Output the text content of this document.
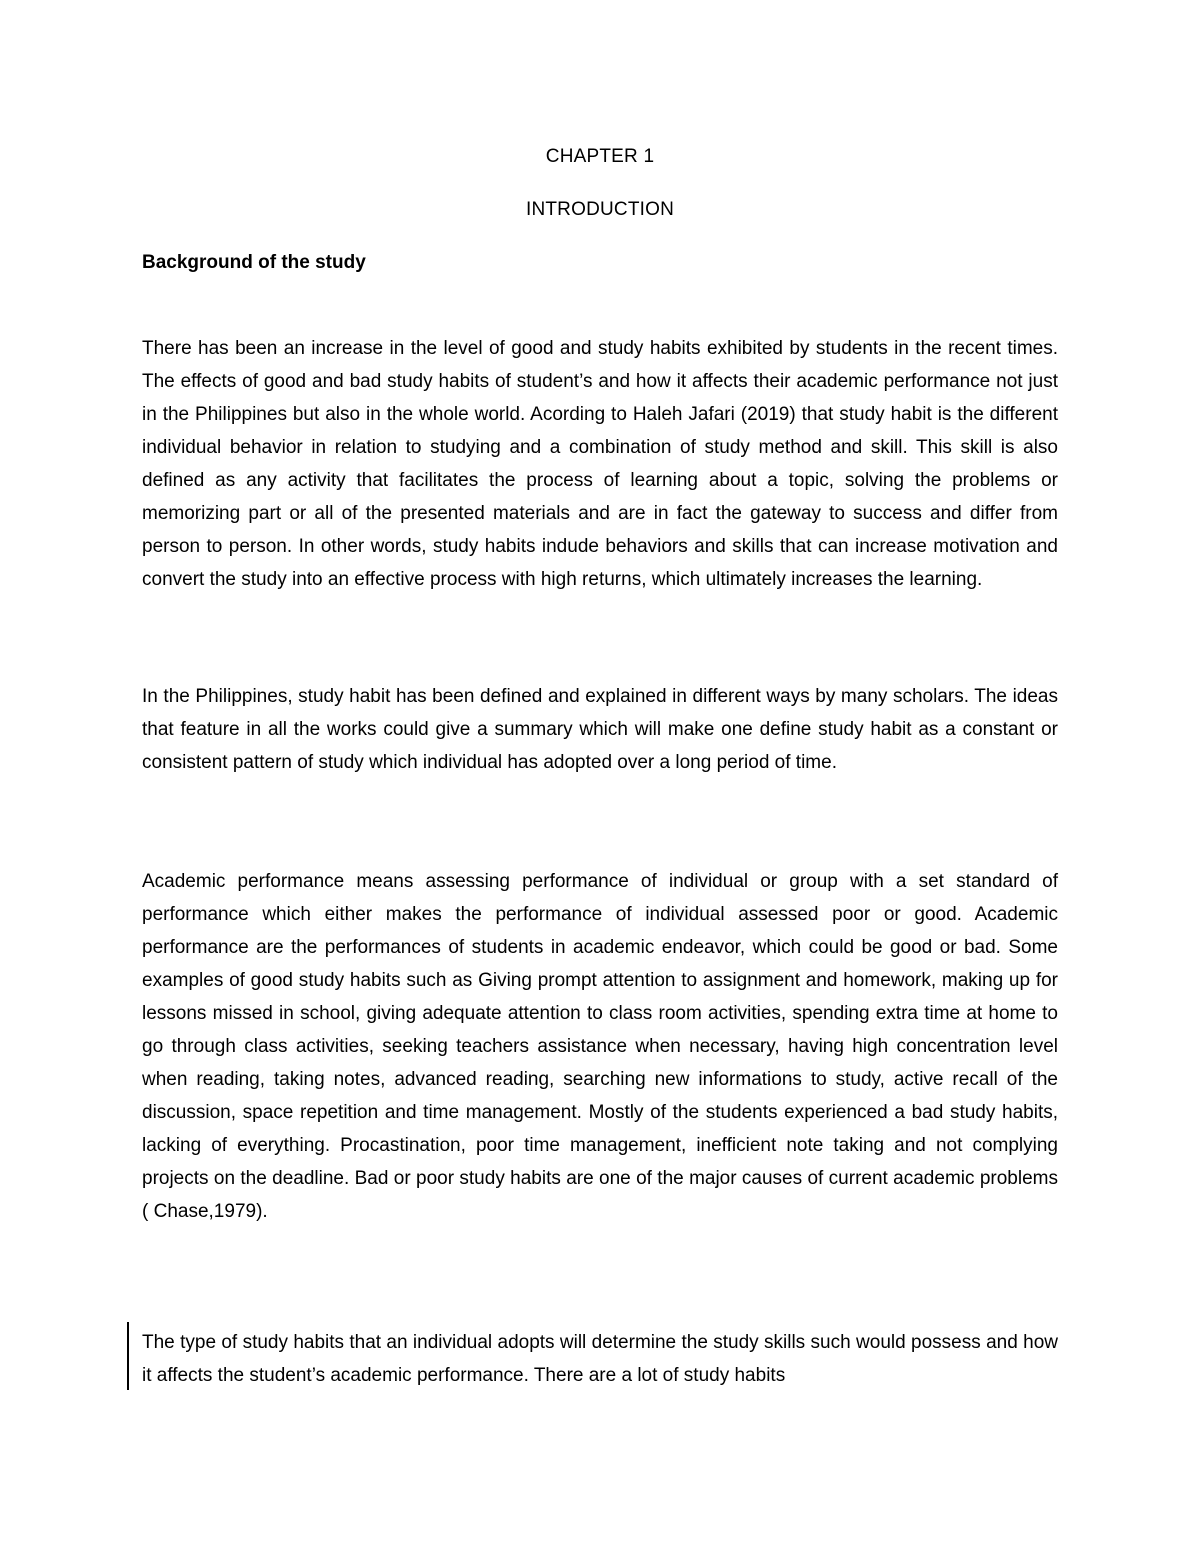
CHAPTER 1
INTRODUCTION
Background of the study

There has been an increase in the level of good and study habits exhibited by students in the recent times. The effects of good and bad study habits of student’s and how it affects their academic performance not just in the Philippines but also in the whole world. Acording to Haleh Jafari (2019) that study habit is the different individual behavior in relation to studying and a combination of study method and skill. This skill is also defined as any activity that facilitates the process of learning about a topic, solving the problems or memorizing part or all of the presented materials and are in fact the gateway to success and differ from person to person. In other words, study habits indude behaviors and skills that can increase motivation and convert the study into an effective process with high returns, which ultimately increases the learning.

In the Philippines, study habit has been defined and explained in different ways by many scholars. The ideas that feature in all the works could give a summary which will make one define study habit as a constant or consistent pattern of study which individual has adopted over a long period of time.

Academic performance means assessing performance of individual or group with a set standard of performance which either makes the performance of individual assessed poor or good. Academic performance are the performances of students in academic endeavor, which could be good or bad. Some examples of good study habits such as Giving prompt attention to assignment and homework, making up for lessons missed in school, giving adequate attention to class room activities, spending extra time at home to go through class activities, seeking teachers assistance when necessary, having high concentration level when reading, taking notes, advanced reading, searching new informations to study, active recall of the discussion, space repetition and time management. Mostly of the students experienced a bad study habits, lacking of everything. Procastination, poor time management, inefficient note taking and not complying projects on the deadline. Bad or poor study habits are one of the major causes of current academic problems ( Chase,1979).

The type of study habits that an individual adopts will determine the study skills such would possess and how it affects the student’s academic performance. There are a lot of study habits
